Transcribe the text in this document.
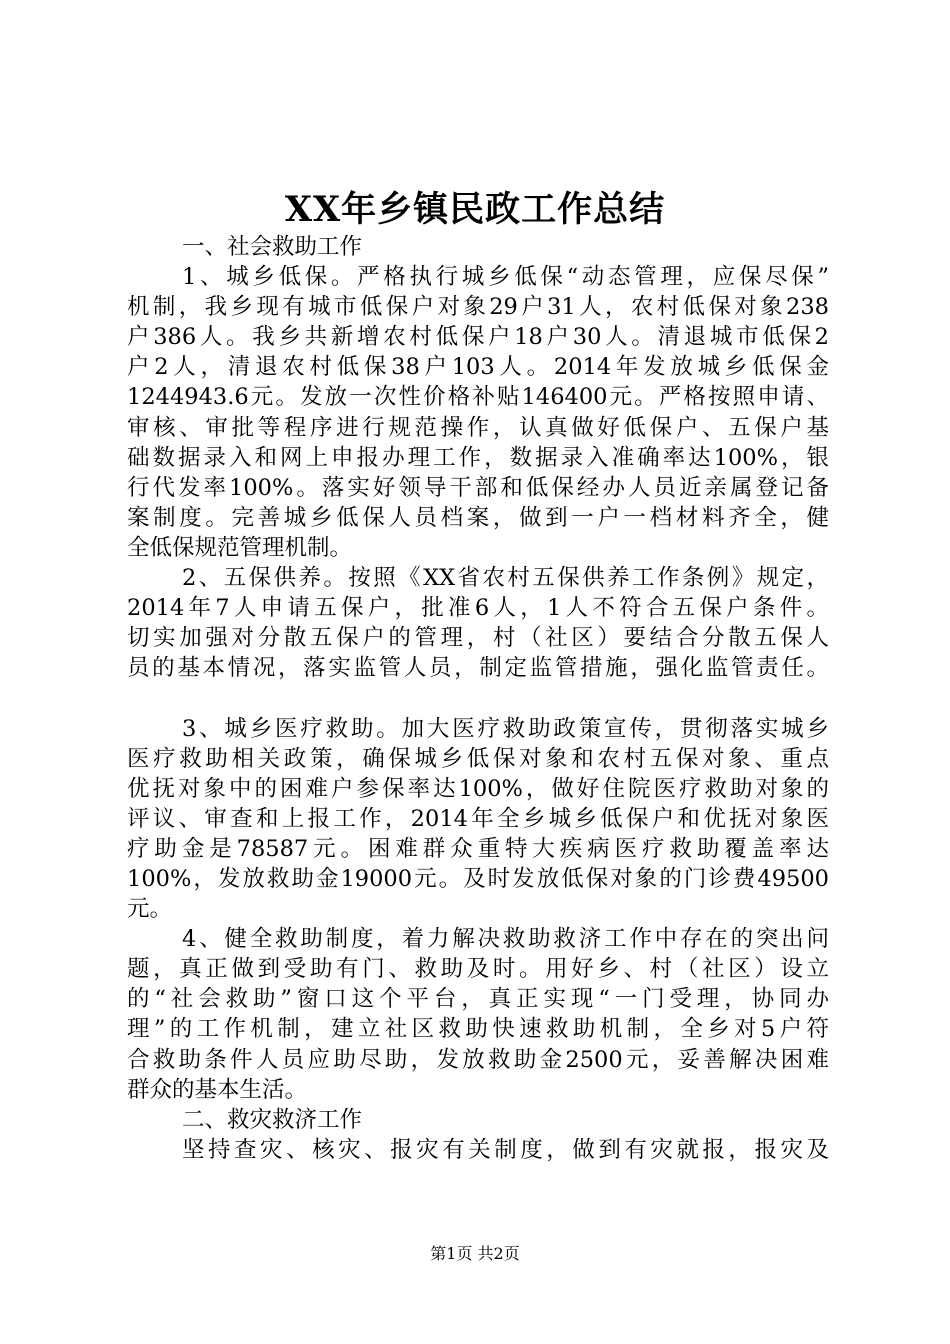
XX年乡镇民政工作总结
一、社会救助工作
1、城乡低保。严格执行城乡低保“动态管理，应保尽保”
机制，我乡现有城市低保户对象29户31人，农村低保对象238
户386人。我乡共新增农村低保户18户30人。清退城市低保2
户2人，清退农村低保38户103人。2014年发放城乡低保金
1244943.6元。发放一次性价格补贴146400元。严格按照申请、
审核、审批等程序进行规范操作，认真做好低保户、五保户基
础数据录入和网上申报办理工作，数据录入准确率达100%，银
行代发率100%。落实好领导干部和低保经办人员近亲属登记备
案制度。完善城乡低保人员档案，做到一户一档材料齐全，健
全低保规范管理机制。
2、五保供养。按照《XX省农村五保供养工作条例》规定，
2014年7人申请五保户，批准6人，1人不符合五保户条件。
切实加强对分散五保户的管理，村（社区）要结合分散五保人
员的基本情况，落实监管人员，制定监管措施，强化监管责任。
3、城乡医疗救助。加大医疗救助政策宣传，贯彻落实城乡
医疗救助相关政策，确保城乡低保对象和农村五保对象、重点
优抚对象中的困难户参保率达100%，做好住院医疗救助对象的
评议、审查和上报工作，2014年全乡城乡低保户和优抚对象医
疗助金是78587元。困难群众重特大疾病医疗救助覆盖率达
100%，发放救助金19000元。及时发放低保对象的门诊费49500
元。
4、健全救助制度，着力解决救助救济工作中存在的突出问
题，真正做到受助有门、救助及时。用好乡、村（社区）设立
的“社会救助”窗口这个平台，真正实现“一门受理，协同办
理”的工作机制，建立社区救助快速救助机制，全乡对5户符
合救助条件人员应助尽助，发放救助金2500元，妥善解决困难
群众的基本生活。
二、救灾救济工作
坚持查灾、核灾、报灾有关制度，做到有灾就报，报灾及
第1页 共2页
